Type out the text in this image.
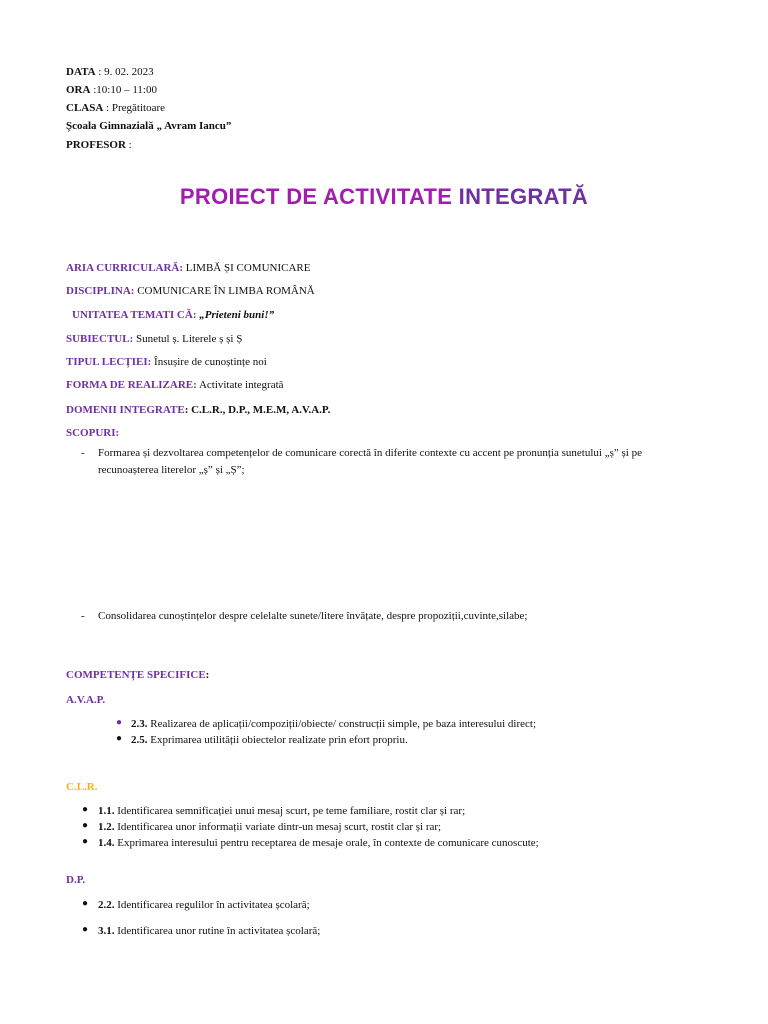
DATA : 9. 02. 2023
ORA :10:10 – 11:00
CLASA : Pregătitoare
Școala Gimnazială „ Avram Iancu”
PROFESOR :
PROIECT DE ACTIVITATE INTEGRATĂ
ARIA CURRICULARĂ: LIMBĂ ȘI COMUNICARE
DISCIPLINA: COMUNICARE ÎN LIMBA ROMÂNĂ
UNITATEA TEMATI CĂ: „Prieteni buni!”
SUBIECTUL: Sunetul ș. Literele ș și Ș
TIPUL LECȚIEI: Însușire de cunoștințe noi
FORMA DE REALIZARE: Activitate integrată
DOMENII INTEGRATE: C.L.R., D.P., M.E.M, A.V.A.P.
SCOPURI:
- Formarea și dezvoltarea competențelor de comunicare corectă în diferite contexte cu accent pe pronunția sunetului „ș” și pe
recunoașterea literelor „ș” și „Ș”;
- Consolidarea cunoștințelor despre celelalte sunete/litere învățate, despre propoziții,cuvinte,silabe;
COMPETENȚE SPECIFICE:
A.V.A.P.
● 2.3. Realizarea de aplicații/compoziții/obiecte/ construcții simple, pe baza interesului direct;
● 2.5. Exprimarea utilității obiectelor realizate prin efort propriu.
C.L.R.
● 1.1. Identificarea semnificației unui mesaj scurt, pe teme familiare, rostit clar și rar;
● 1.2. Identificarea unor informații variate dintr-un mesaj scurt, rostit clar și rar;
● 1.4. Exprimarea interesului pentru receptarea de mesaje orale, în contexte de comunicare cunoscute;
D.P.
● 2.2. Identificarea regulilor în activitatea școlară;
● 3.1. Identificarea unor rutine în activitatea școlară;
